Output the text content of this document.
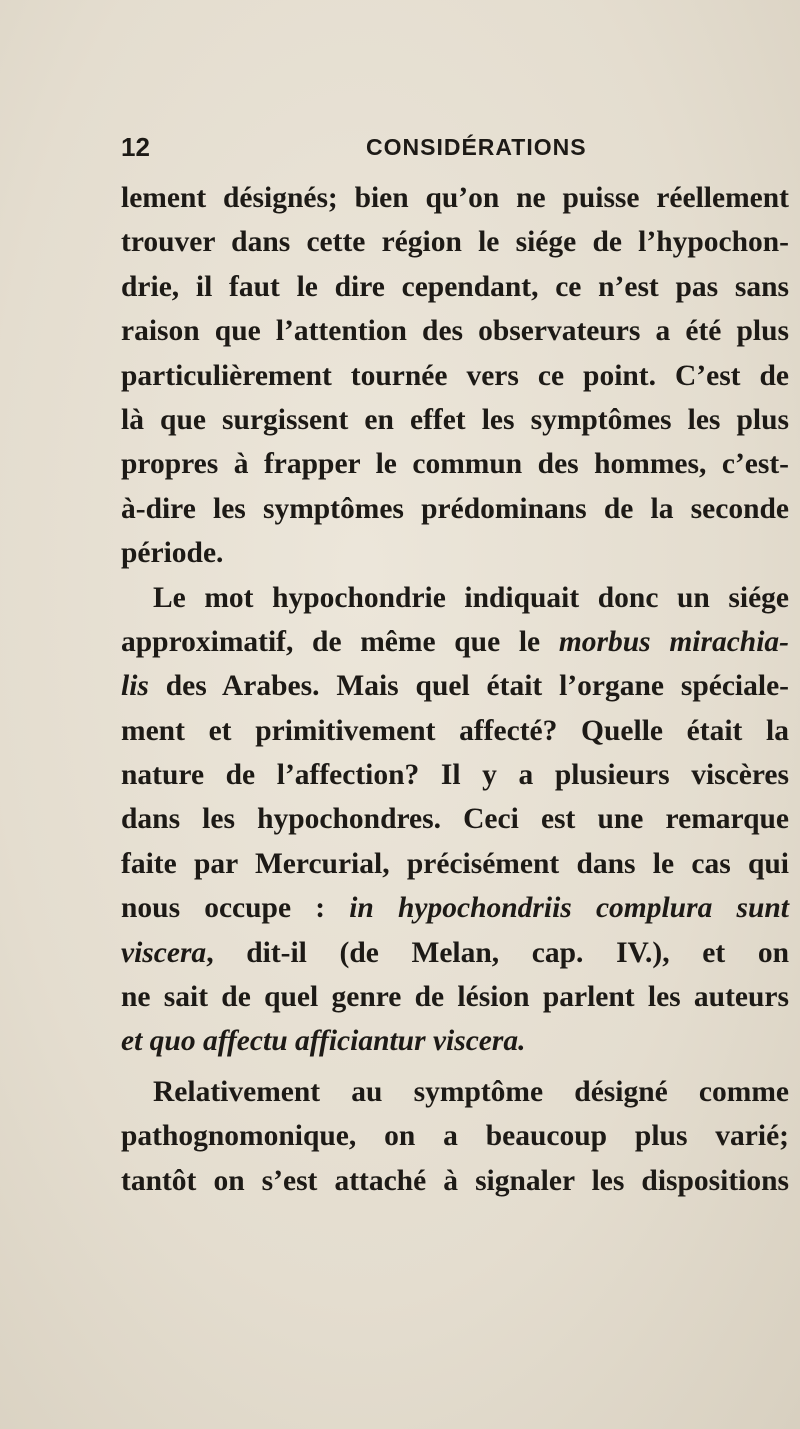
12	CONSIDÉRATIONS
lement désignés; bien qu’on ne puisse réellement
trouver dans cette région le siége de l’hypochon-
drie, il faut le dire cependant, ce n’est pas sans
raison que l’attention des observateurs a été plus
particulièrement tournée vers ce point. C’est de
là que surgissent en effet les symptômes les plus
propres à frapper le commun des hommes, c’est-
à-dire les symptômes prédominans de la seconde
période.
Le mot hypochondrie indiquait donc un siége
approximatif, de même que le morbus mirachia-
lis des Arabes. Mais quel était l’organe spéciale-
ment et primitivement affecté? Quelle était la
nature de l’affection? Il y a plusieurs viscères
dans les hypochondres. Ceci est une remarque
faite par Mercurial, précisément dans le cas qui
nous occupe : in hypochondriis complura sunt
viscera, dit-il (de Melan, cap. IV.), et on
ne sait de quel genre de lésion parlent les auteurs
et quo affectu afficiantur viscera.
Relativement au symptôme désigné comme
pathognomonique, on a beaucoup plus varié;
tantôt on s’est attaché à signaler les dispositions
